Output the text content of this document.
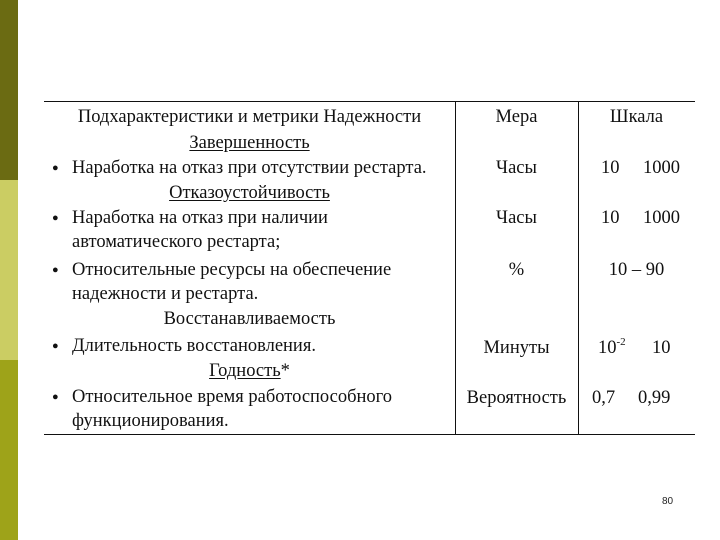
Подхарактеристики и метрики Надежности	Мера	Шкала
Завершенность
● Наработка на отказ при отсутствии рестарта.	Часы	10 1000
Отказоустойчивость
● Наработка на отказ при наличии
автоматического рестарта;
Часы	10 1000
● Относительные ресурсы на обеспечение
надежности и рестарта.
%	10 – 90
Восстанавливаемость
● Длительность восстановления.	Минуты	$10^{-2}$ 10
Годность*
● Относительное время работоспособного
функционирования.
Вероятность	0,7 0,99
80
